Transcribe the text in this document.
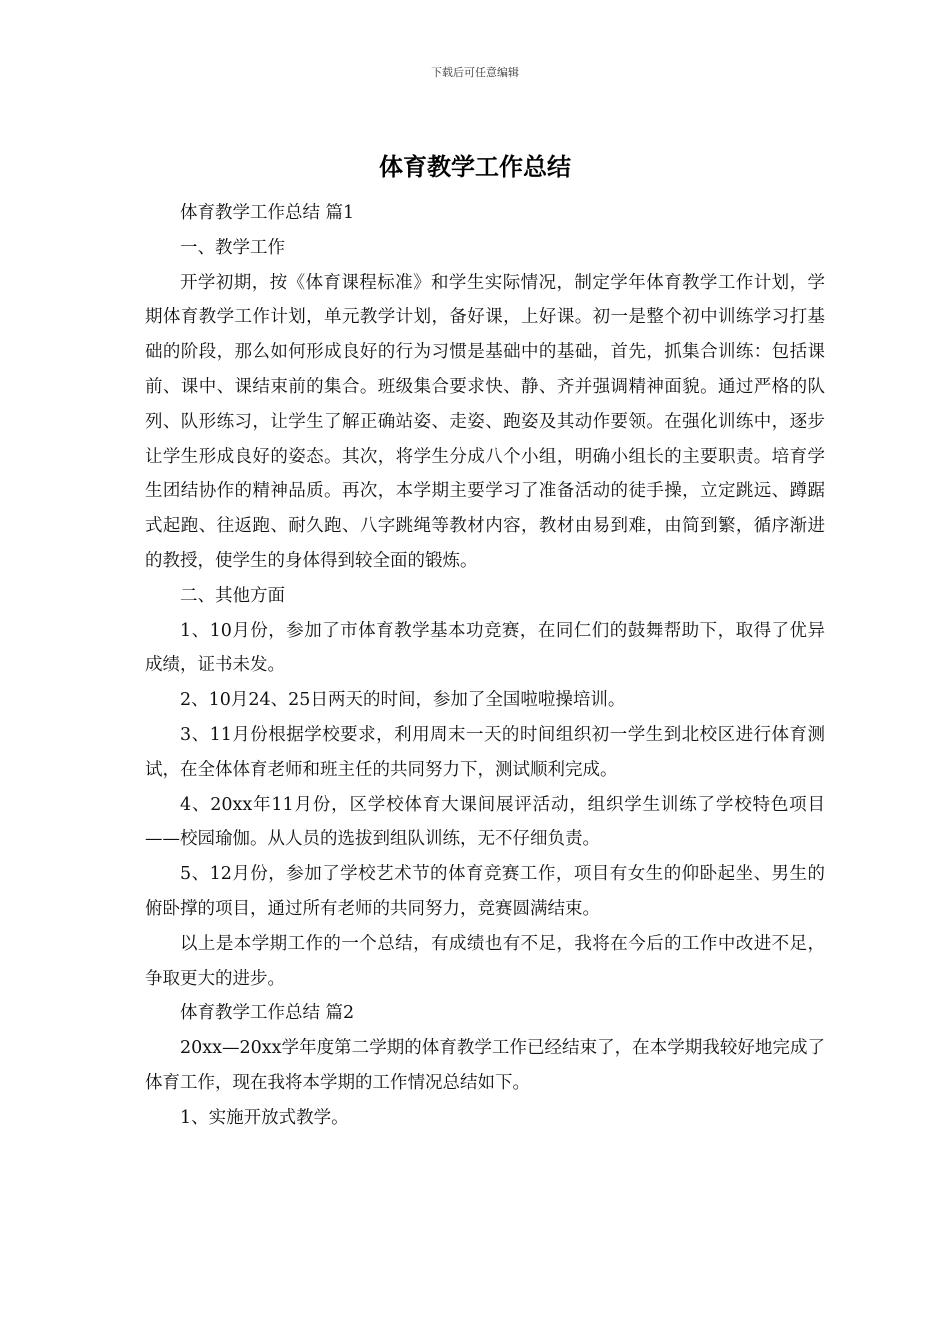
下载后可任意编辑
体育教学工作总结

体育教学工作总结 篇1

一、教学工作

开学初期，按《体育课程标准》和学生实际情况，制定学年体育教学工作计划，学期体育教学工作计划，单元教学计划，备好课，上好课。初一是整个初中训练学习打基础的阶段，那么如何形成良好的行为习惯是基础中的基础，首先，抓集合训练：包括课前、课中、课结束前的集合。班级集合要求快、静、齐并强调精神面貌。通过严格的队列、队形练习，让学生了解正确站姿、走姿、跑姿及其动作要领。在强化训练中，逐步让学生形成良好的姿态。其次，将学生分成八个小组，明确小组长的主要职责。培育学生团结协作的精神品质。再次，本学期主要学习了准备活动的徒手操，立定跳远、蹲踞式起跑、往返跑、耐久跑、八字跳绳等教材内容，教材由易到难，由简到繁，循序渐进的教授，使学生的身体得到较全面的锻炼。

二、其他方面

1、10月份，参加了市体育教学基本功竞赛，在同仁们的鼓舞帮助下，取得了优异成绩，证书未发。

2、10月24、25日两天的时间，参加了全国啦啦操培训。

3、11月份根据学校要求，利用周末一天的时间组织初一学生到北校区进行体育测试，在全体体育老师和班主任的共同努力下，测试顺利完成。

4、20xx年11月份，区学校体育大课间展评活动，组织学生训练了学校特色项目——校园瑜伽。从人员的选拔到组队训练，无不仔细负责。

5、12月份，参加了学校艺术节的体育竞赛工作，项目有女生的仰卧起坐、男生的俯卧撑的项目，通过所有老师的共同努力，竞赛圆满结束。

以上是本学期工作的一个总结，有成绩也有不足，我将在今后的工作中改进不足，争取更大的进步。

体育教学工作总结 篇2

20xx—20xx学年度第二学期的体育教学工作已经结束了，在本学期我较好地完成了体育工作，现在我将本学期的工作情况总结如下。

1、实施开放式教学。
